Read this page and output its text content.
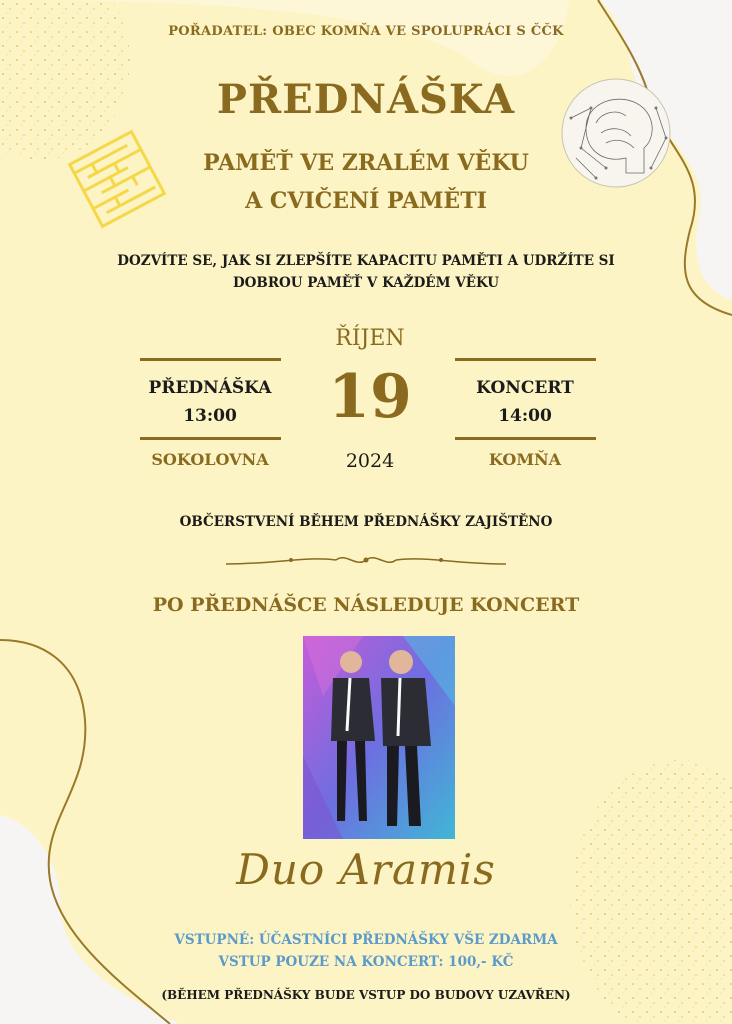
POŘADATEL: OBEC KOMŇA VE SPOLUPRÁCI S ČČK

PŘEDNÁŠKA

PAMĚŤ VE ZRALÉM VĚKU

A CVIČENÍ PAMĚTI

DOZVÍTE SE, JAK SI ZLEPŠÍTE KAPACITU PAMĚTI A UDRŽÍTE SI
DOBROU PAMĚŤ V KAŽDÉM VĚKU

ŘÍJEN
19
2024
PŘEDNÁŠKA
13:00
SOKOLOVNA
KONCERT
14:00
KOMŇA

OBČERSTVENÍ BĚHEM PŘEDNÁŠKY ZAJIŠTĚNO

PO PŘEDNÁŠCE NÁSLEDUJE KONCERT

Duo Aramis

VSTUPNÉ: ÚČASTNÍCI PŘEDNÁŠKY VŠE ZDARMA

VSTUP POUZE NA KONCERT: 100,- KČ

(BĚHEM PŘEDNÁŠKY BUDE VSTUP DO BUDOVY UZAVŘEN)
